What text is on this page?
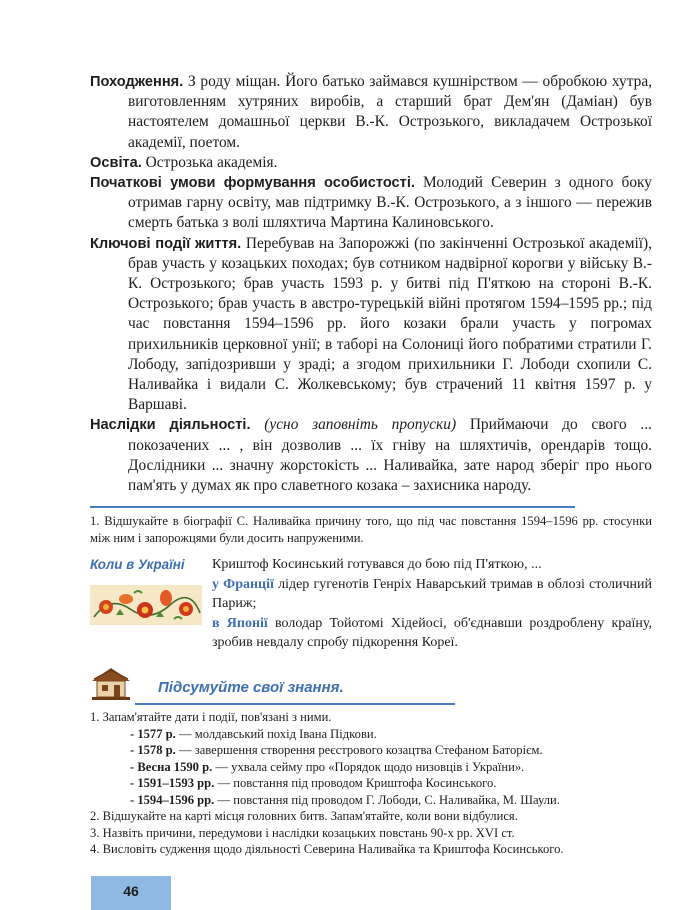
Походження. З роду міщан. Його батько займався кушнірством — обробкою хутра, виготовленням хутряних виробів, а старший брат Дем'ян (Даміан) був настоятелем домашньої церкви В.-К. Острозького, викладачем Острозької академії, поетом.

Освіта. Острозька академія.

Початкові умови формування особистості. Молодий Северин з одного боку отримав гарну освіту, мав підтримку В.-К. Острозького, а з іншого — пережив смерть батька з волі шляхтича Мартина Калиновського.

Ключові події життя. Перебував на Запорожжі (по закінченні Острозької академії), брав участь у козацьких походах; був сотником надвірної корогви у війську В.-К. Острозького; брав участь 1593 р. у битві під П'яткою на стороні В.-К. Острозького; брав участь в австро-турецькій війні протягом 1594–1595 рр.; під час повстання 1594–1596 рр. його козаки брали участь у погромах прихильників церковної унії; в таборі на Солониці його побратими стратили Г. Лободу, запідозривши у зраді; а згодом прихильники Г. Лободи схопили С. Наливайка і видали С. Жолкевському; був страчений 11 квітня 1597 р. у Варшаві.

Наслідки діяльності. (усно заповніть пропуски) Приймаючи до свого ... покозачених ... , він дозволив ... їх гніву на шляхтичів, орендарів тощо. Дослідники ... значну жорстокість ... Наливайка, зате народ зберіг про нього пам'ять у думах як про славетного козака – захисника народу.

1. Відшукайте в біографії С. Наливайка причину того, що під час повстання 1594–1596 рр. стосунки між ним і запорожцями були досить напруженими.

Коли в Україні	Криштоф Косинський готувався до бою під П'яткою, ...
у Франції лідер гугенотів Генріх Наварський тримав в облозі столичний Париж;
в Японії володар Тойотомі Хідейосі, об'єднавши роздроблену країну, зробив невдалу спробу підкорення Кореї.
Підсумуйте свої знання.
1. Запам'ятайте дати і події, пов'язані з ними.
- 1577 р. — молдавський похід Івана Підкови.
- 1578 р. — завершення створення реєстрового козацтва Стефаном Баторієм.
- Весна 1590 р. — ухвала сейму про «Порядок щодо низовців і України».
- 1591–1593 рр. — повстання під проводом Криштофа Косинського.
- 1594–1596 рр. — повстання під проводом Г. Лободи, С. Наливайка, М. Шаули.
2. Відшукайте на карті місця головних битв. Запам'ятайте, коли вони відбулися.
3. Назвіть причини, передумови і наслідки козацьких повстань 90-х рр. XVI ст.
4. Висловіть судження щодо діяльності Северина Наливайка та Криштофа Косинського.
46
